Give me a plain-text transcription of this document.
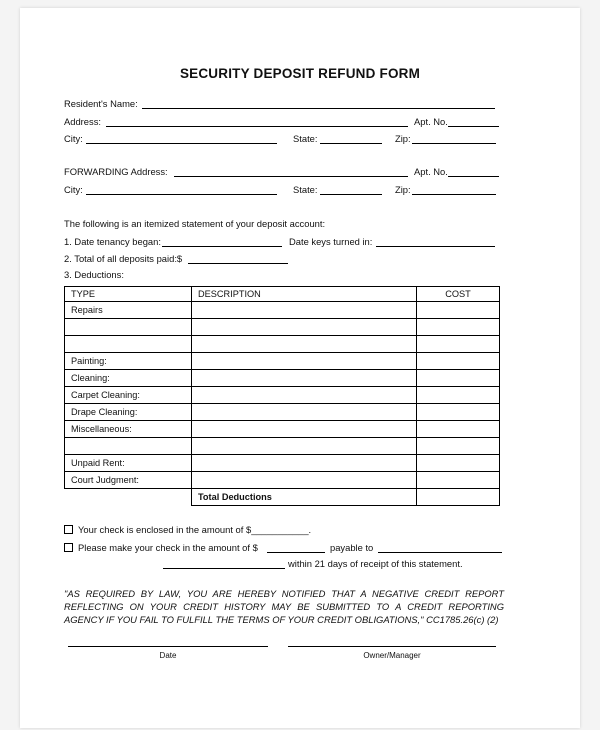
SECURITY DEPOSIT REFUND FORM
Resident's Name:
Address:	Apt. No.
City:	State:	Zip:
FORWARDING Address:	Apt. No.
City:	State:	Zip:
The following is an itemized statement of your deposit account:
1. Date tenancy began:	Date keys turned in:
2. Total of all deposits paid:$
3. Deductions:
TYPE	DESCRIPTION	COST
Repairs		

Painting:		
Cleaning:		
Carpet Cleaning:		
Drape Cleaning:		
Miscellaneous:		

Unpaid Rent:		
Court Judgment:		
	Total Deductions	
Your check is enclosed in the amount of $___________.
Please make your check in the amount of $	payable to
within 21 days of receipt of this statement.
"AS REQUIRED BY LAW, YOU ARE HEREBY NOTIFIED THAT A NEGATIVE CREDIT REPORT REFLECTING ON YOUR CREDIT HISTORY MAY BE SUBMITTED TO A CREDIT REPORTING AGENCY IF YOU FAIL TO FULFILL THE TERMS OF YOUR CREDIT OBLIGATIONS," CC1785.26(c) (2)
Date	Owner/Manager
